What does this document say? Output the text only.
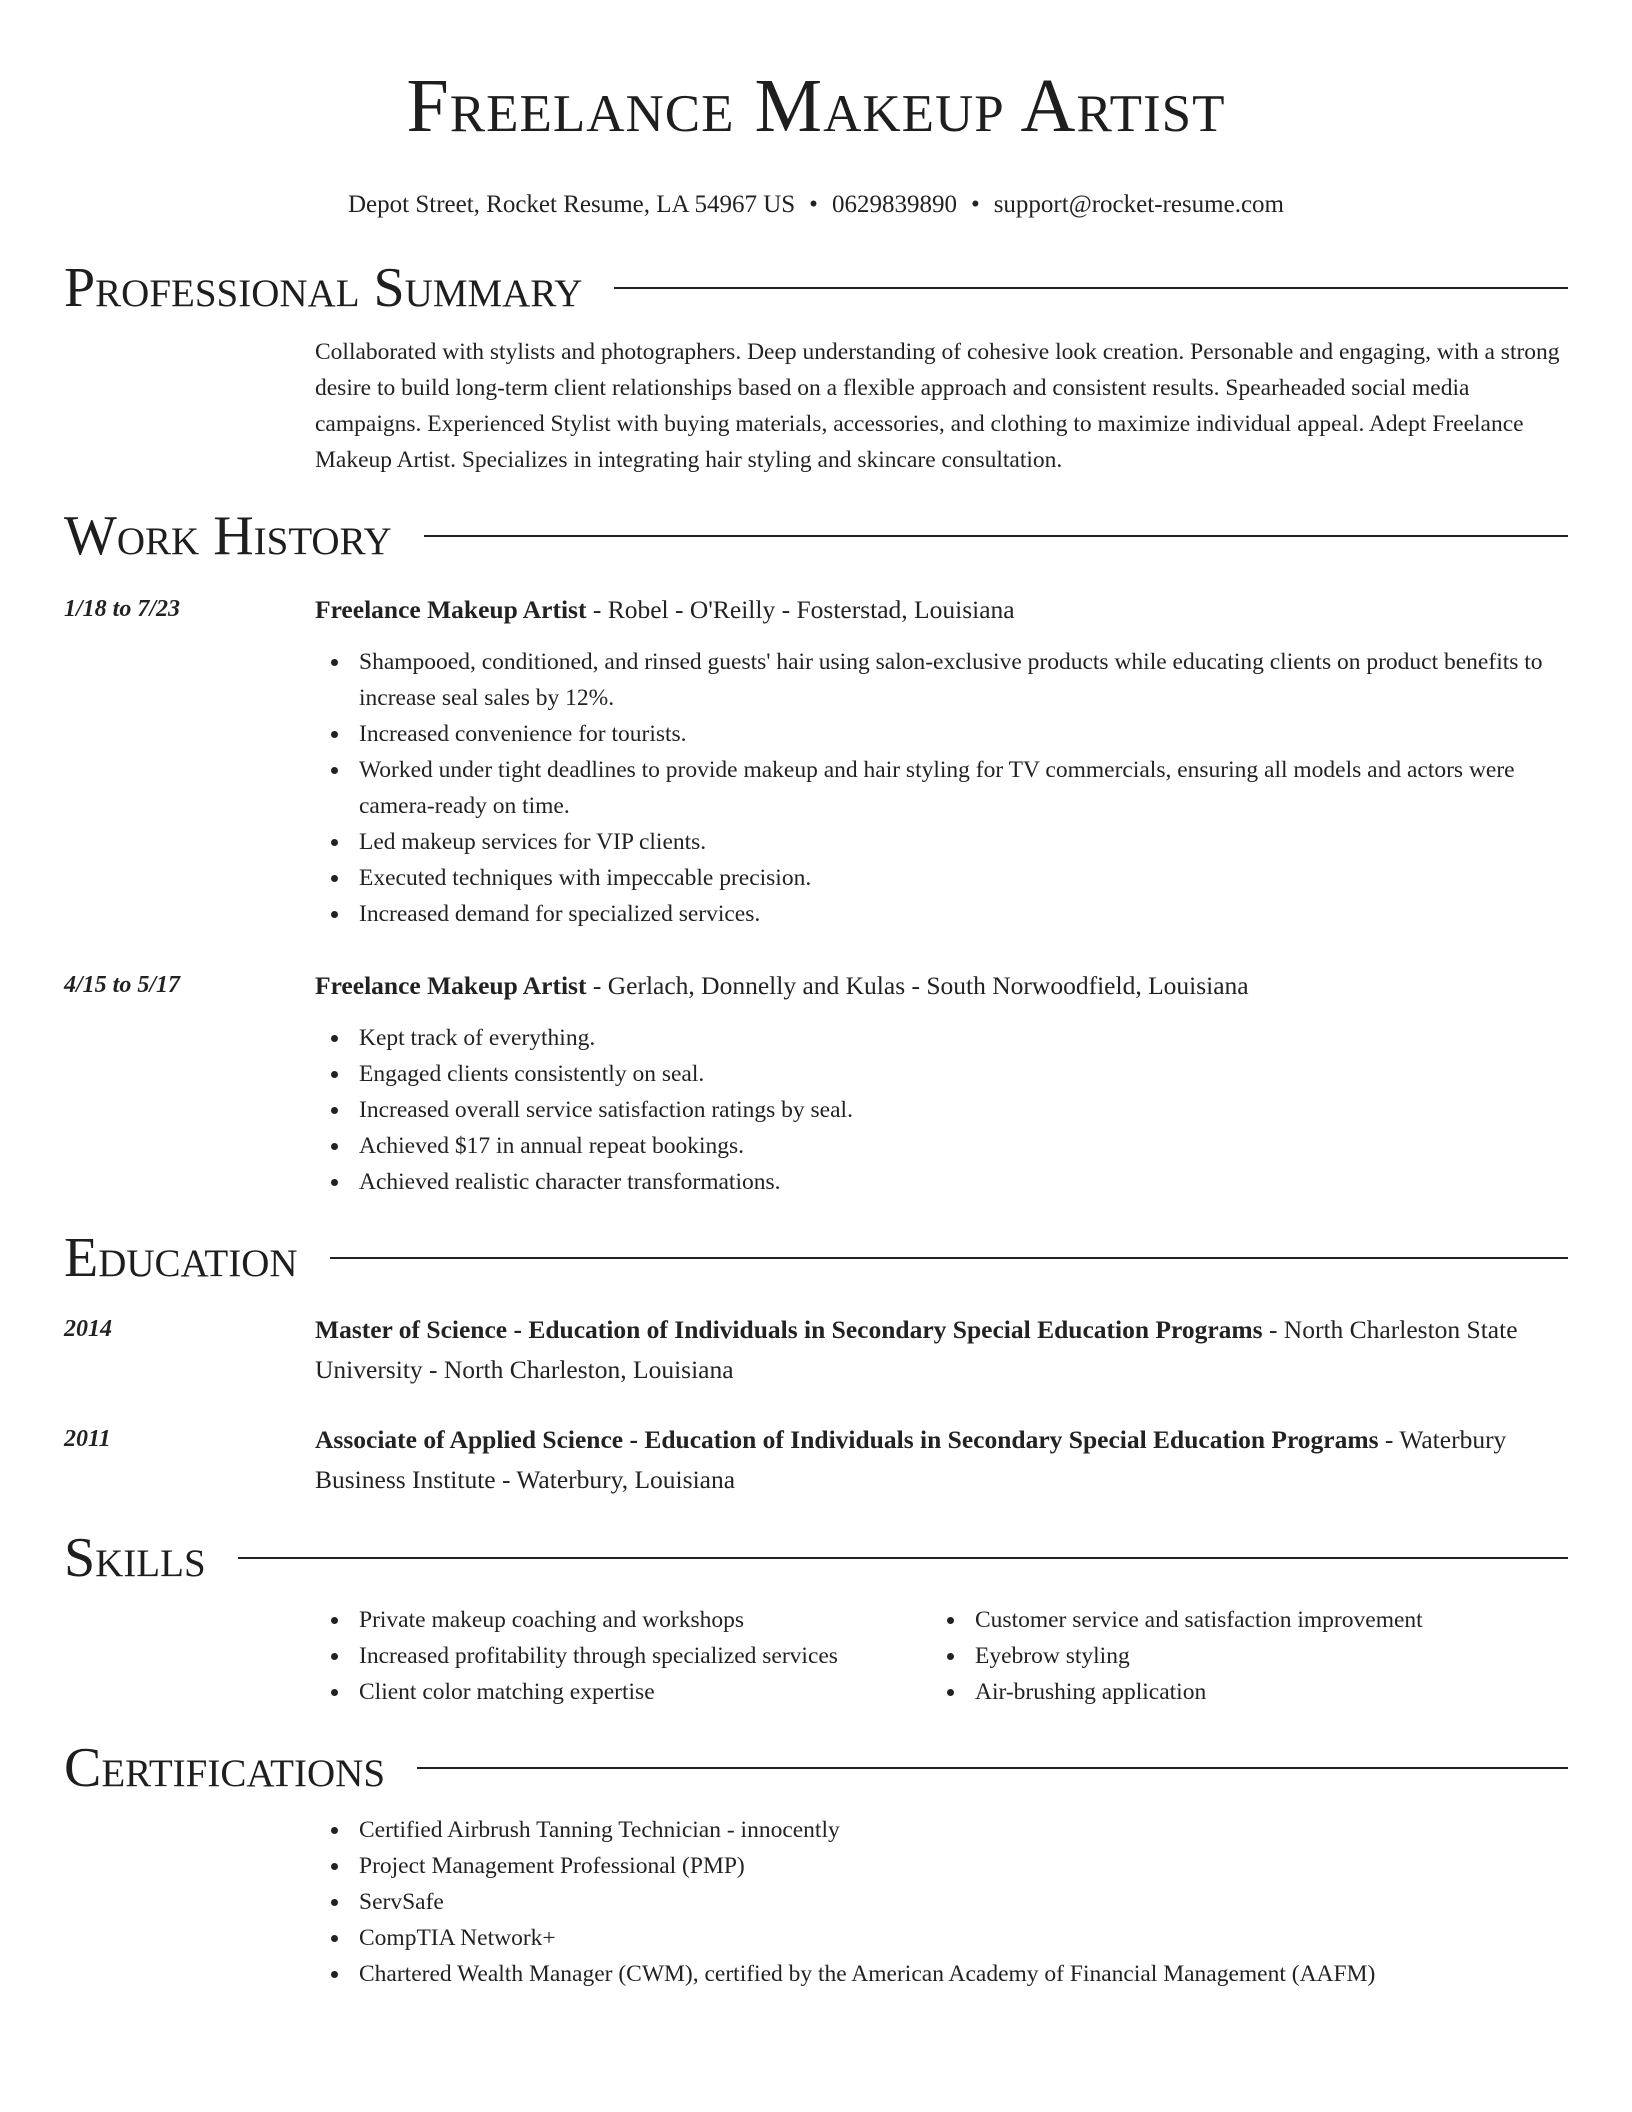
Freelance Makeup Artist
Depot Street, Rocket Resume, LA 54967 US • 0629839890 • support@rocket-resume.com
Professional Summary
Collaborated with stylists and photographers. Deep understanding of cohesive look creation. Personable and engaging, with a strong desire to build long-term client relationships based on a flexible approach and consistent results. Spearheaded social media campaigns. Experienced Stylist with buying materials, accessories, and clothing to maximize individual appeal. Adept Freelance Makeup Artist. Specializes in integrating hair styling and skincare consultation.
Work History
1/18 to 7/23	Freelance Makeup Artist - Robel - O'Reilly - Fosterstad, Louisiana
Shampooed, conditioned, and rinsed guests' hair using salon-exclusive products while educating clients on product benefits to increase seal sales by 12%.
Increased convenience for tourists.
Worked under tight deadlines to provide makeup and hair styling for TV commercials, ensuring all models and actors were camera-ready on time.
Led makeup services for VIP clients.
Executed techniques with impeccable precision.
Increased demand for specialized services.
4/15 to 5/17	Freelance Makeup Artist - Gerlach, Donnelly and Kulas - South Norwoodfield, Louisiana
Kept track of everything.
Engaged clients consistently on seal.
Increased overall service satisfaction ratings by seal.
Achieved $17 in annual repeat bookings.
Achieved realistic character transformations.
Education
2014	Master of Science - Education of Individuals in Secondary Special Education Programs - North Charleston State University - North Charleston, Louisiana
2011	Associate of Applied Science - Education of Individuals in Secondary Special Education Programs - Waterbury Business Institute - Waterbury, Louisiana
Skills
Private makeup coaching and workshops
Increased profitability through specialized services
Client color matching expertise
Customer service and satisfaction improvement
Eyebrow styling
Air-brushing application
Certifications
Certified Airbrush Tanning Technician - innocently
Project Management Professional (PMP)
ServSafe
CompTIA Network+
Chartered Wealth Manager (CWM), certified by the American Academy of Financial Management (AAFM)
